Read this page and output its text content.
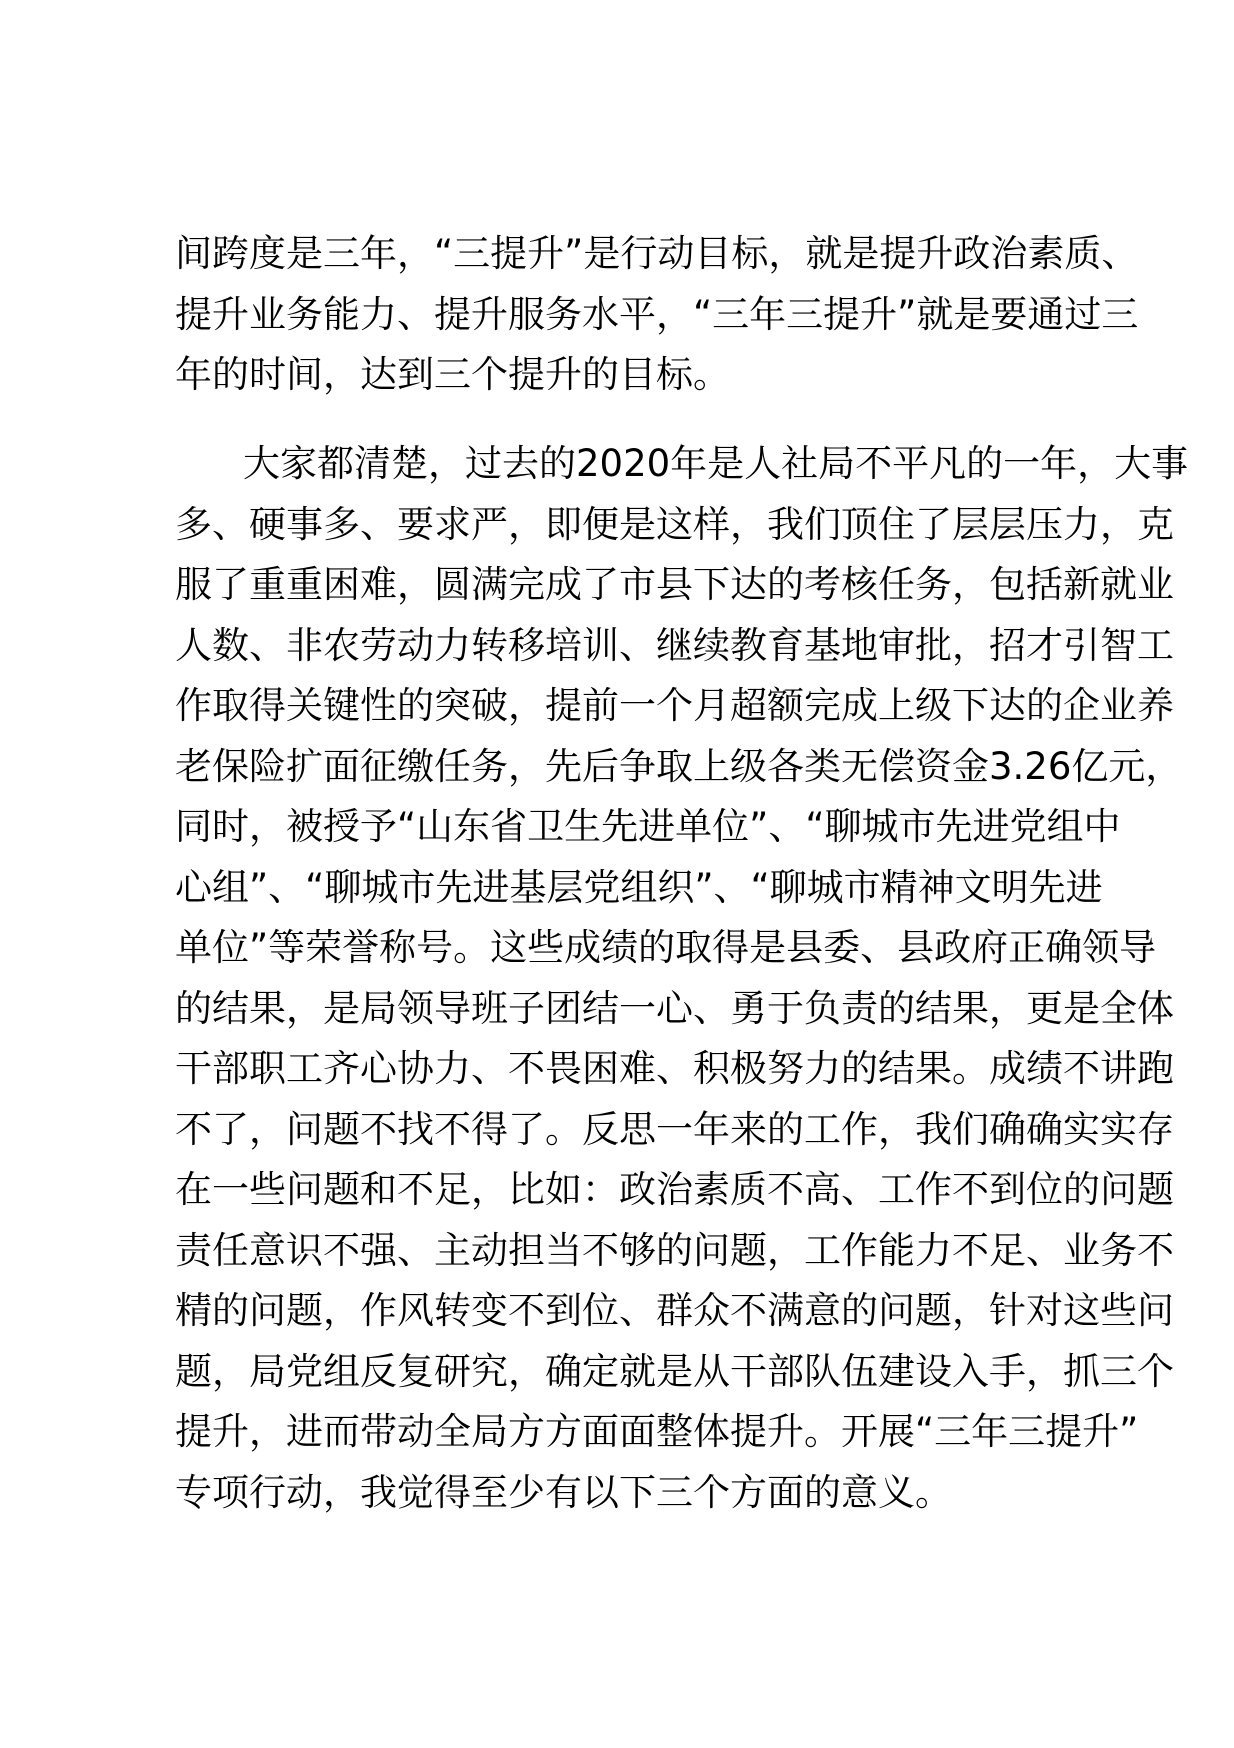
间跨度是三年，“三提升”是行动目标，就是提升政治素质、
提升业务能力、提升服务水平，“三年三提升”就是要通过三
年的时间，达到三个提升的目标。
大家都清楚，过去的2020年是人社局不平凡的一年，大事
多、硬事多、要求严，即便是这样，我们顶住了层层压力，克
服了重重困难，圆满完成了市县下达的考核任务，包括新就业
人数、非农劳动力转移培训、继续教育基地审批，招才引智工
作取得关键性的突破，提前一个月超额完成上级下达的企业养
老保险扩面征缴任务，先后争取上级各类无偿资金3.26亿元，
同时，被授予“山东省卫生先进单位”、“聊城市先进党组中
心组”、“聊城市先进基层党组织”、“聊城市精神文明先进
单位”等荣誉称号。这些成绩的取得是县委、县政府正确领导
的结果，是局领导班子团结一心、勇于负责的结果，更是全体
干部职工齐心协力、不畏困难、积极努力的结果。成绩不讲跑
不了，问题不找不得了。反思一年来的工作，我们确确实实存
在一些问题和不足，比如：政治素质不高、工作不到位的问题
责任意识不强、主动担当不够的问题，工作能力不足、业务不
精的问题，作风转变不到位、群众不满意的问题，针对这些问
题，局党组反复研究，确定就是从干部队伍建设入手，抓三个
提升，进而带动全局方方面面整体提升。开展“三年三提升”
专项行动，我觉得至少有以下三个方面的意义。
